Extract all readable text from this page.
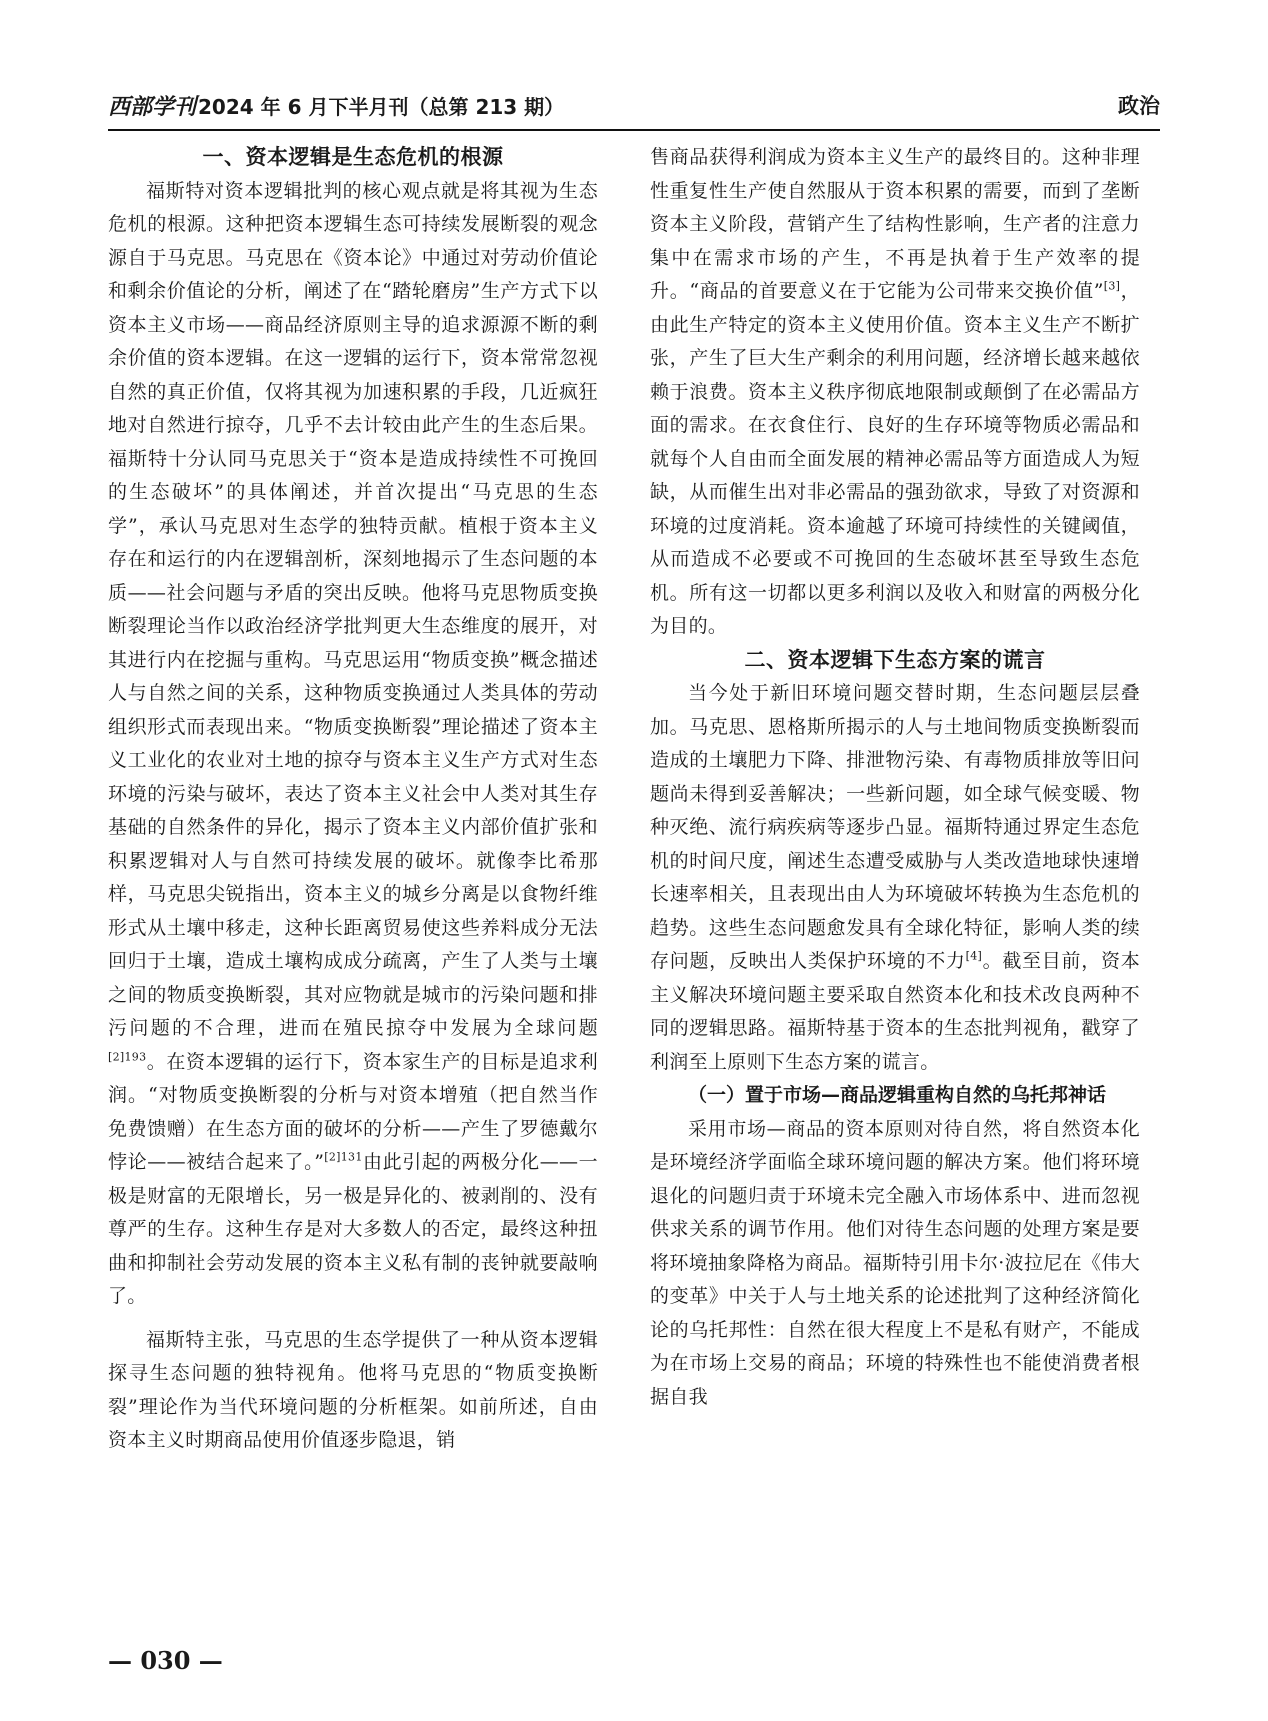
西部学刊 2024 年 6 月下半月刊（总第 213 期）	政治

一、资本逻辑是生态危机的根源

福斯特对资本逻辑批判的核心观点就是将其视为生态危机的根源。这种把资本逻辑生态可持续发展断裂的观念源自于马克思。马克思在《资本论》中通过对劳动价值论和剩余价值论的分析，阐述了在“踏轮磨房”生产方式下以资本主义市场——商品经济原则主导的追求源源不断的剩余价值的资本逻辑。在这一逻辑的运行下，资本常常忽视自然的真正价值，仅将其视为加速积累的手段，几近疯狂地对自然进行掠夺，几乎不去计较由此产生的生态后果。福斯特十分认同马克思关于“资本是造成持续性不可挽回的生态破坏”的具体阐述，并首次提出“马克思的生态学”，承认马克思对生态学的独特贡献。植根于资本主义存在和运行的内在逻辑剖析，深刻地揭示了生态问题的本质——社会问题与矛盾的突出反映。他将马克思物质变换断裂理论当作以政治经济学批判更大生态维度的展开，对其进行内在挖掘与重构。马克思运用“物质变换”概念描述人与自然之间的关系，这种物质变换通过人类具体的劳动组织形式而表现出来。“物质变换断裂”理论描述了资本主义工业化的农业对土地的掠夺与资本主义生产方式对生态环境的污染与破坏，表达了资本主义社会中人类对其生存基础的自然条件的异化，揭示了资本主义内部价值扩张和积累逻辑对人与自然可持续发展的破坏。就像李比希那样，马克思尖锐指出，资本主义的城乡分离是以食物纤维形式从土壤中移走，这种长距离贸易使这些养料成分无法回归于土壤，造成土壤构成成分疏离，产生了人类与土壤之间的物质变换断裂，其对应物就是城市的污染问题和排污问题的不合理，进而在殖民掠夺中发展为全球问题$^{[2]193}$。在资本逻辑的运行下，资本家生产的目标是追求利润。“对物质变换断裂的分析与对资本增殖（把自然当作免费馈赠）在生态方面的破坏的分析——产生了罗德戴尔悖论——被结合起来了。”$^{[2]131}$由此引起的两极分化——一极是财富的无限增长，另一极是异化的、被剥削的、没有尊严的生存。这种生存是对大多数人的否定，最终这种扭曲和抑制社会劳动发展的资本主义私有制的丧钟就要敲响了。

福斯特主张，马克思的生态学提供了一种从资本逻辑探寻生态问题的独特视角。他将马克思的“物质变换断裂”理论作为当代环境问题的分析框架。如前所述，自由资本主义时期商品使用价值逐步隐退，销

售商品获得利润成为资本主义生产的最终目的。这种非理性重复性生产使自然服从于资本积累的需要，而到了垄断资本主义阶段，营销产生了结构性影响，生产者的注意力集中在需求市场的产生，不再是执着于生产效率的提升。“商品的首要意义在于它能为公司带来交换价值”[3]，由此生产特定的资本主义使用价值。资本主义生产不断扩张，产生了巨大生产剩余的利用问题，经济增长越来越依赖于浪费。资本主义秩序彻底地限制或颠倒了在必需品方面的需求。在衣食住行、良好的生存环境等物质必需品和就每个人自由而全面发展的精神必需品等方面造成人为短缺，从而催生出对非必需品的强劲欲求，导致了对资源和环境的过度消耗。资本逾越了环境可持续性的关键阈值，从而造成不必要或不可挽回的生态破坏甚至导致生态危机。所有这一切都以更多利润以及收入和财富的两极分化为目的。

二、资本逻辑下生态方案的谎言

当今处于新旧环境问题交替时期，生态问题层层叠加。马克思、恩格斯所揭示的人与土地间物质变换断裂而造成的土壤肥力下降、排泄物污染、有毒物质排放等旧问题尚未得到妥善解决；一些新问题，如全球气候变暖、物种灭绝、流行病疾病等逐步凸显。福斯特通过界定生态危机的时间尺度，阐述生态遭受威胁与人类改造地球快速增长速率相关，且表现出由人为环境破坏转换为生态危机的趋势。这些生态问题愈发具有全球化特征，影响人类的续存问题，反映出人类保护环境的不力[4]。截至目前，资本主义解决环境问题主要采取自然资本化和技术改良两种不同的逻辑思路。福斯特基于资本的生态批判视角，戳穿了利润至上原则下生态方案的谎言。

（一）置于市场—商品逻辑重构自然的乌托邦神话

采用市场—商品的资本原则对待自然，将自然资本化是环境经济学面临全球环境问题的解决方案。他们将环境退化的问题归责于环境未完全融入市场体系中、进而忽视供求关系的调节作用。他们对待生态问题的处理方案是要将环境抽象降格为商品。福斯特引用卡尔·波拉尼在《伟大的变革》中关于人与土地关系的论述批判了这种经济简化论的乌托邦性：自然在很大程度上不是私有财产，不能成为在市场上交易的商品；环境的特殊性也不能使消费者根据自我

— 030 —
